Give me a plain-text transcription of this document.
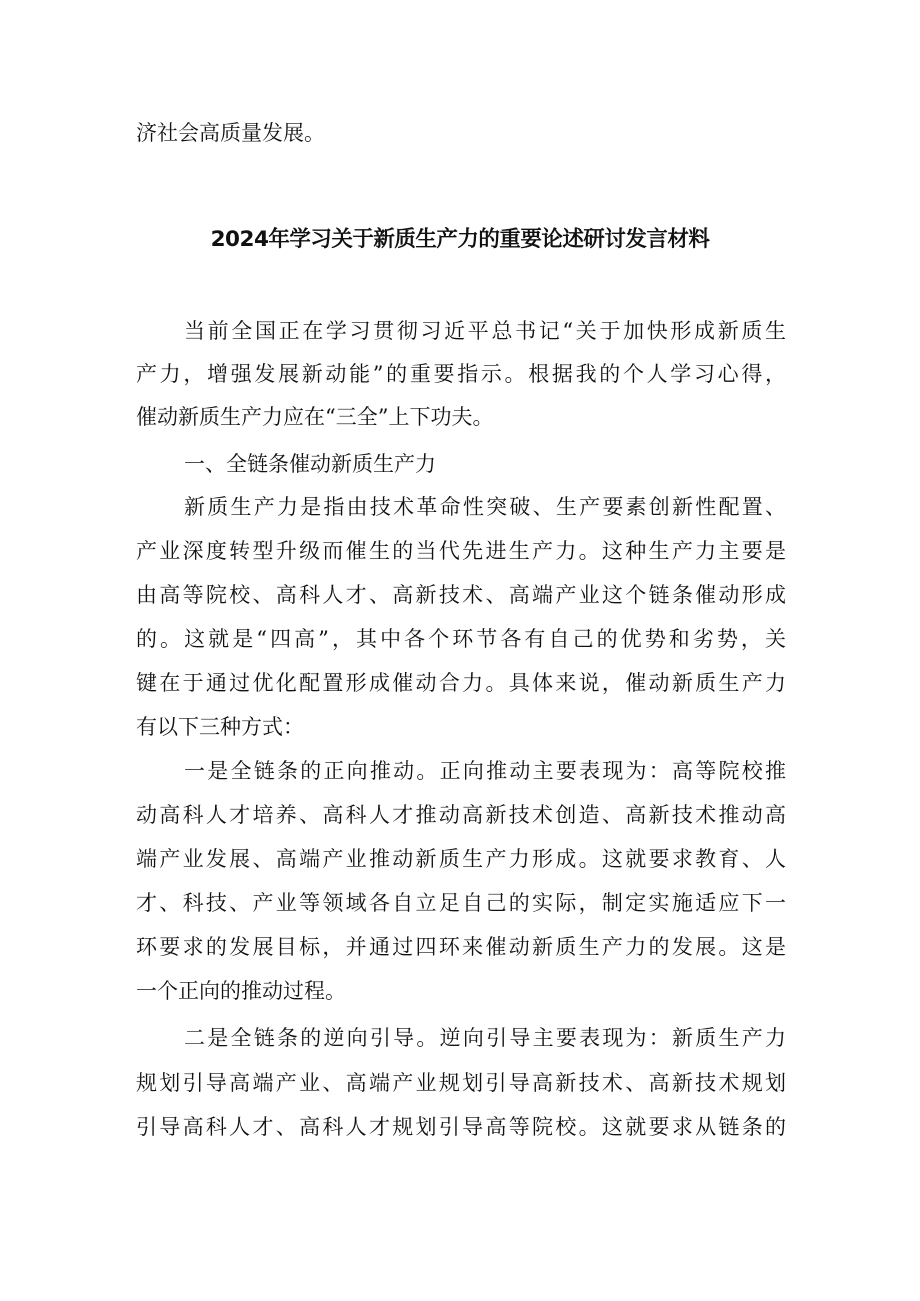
济社会高质量发展。
2024年学习关于新质生产力的重要论述研讨发言材料
当前全国正在学习贯彻习近平总书记“关于加快形成新质生
产力，增强发展新动能”的重要指示。根据我的个人学习心得，
催动新质生产力应在“三全”上下功夫。
一、全链条催动新质生产力
新质生产力是指由技术革命性突破、生产要素创新性配置、
产业深度转型升级而催生的当代先进生产力。这种生产力主要是
由高等院校、高科人才、高新技术、高端产业这个链条催动形成
的。这就是“四高”，其中各个环节各有自己的优势和劣势，关
键在于通过优化配置形成催动合力。具体来说，催动新质生产力
有以下三种方式：
一是全链条的正向推动。正向推动主要表现为：高等院校推
动高科人才培养、高科人才推动高新技术创造、高新技术推动高
端产业发展、高端产业推动新质生产力形成。这就要求教育、人
才、科技、产业等领域各自立足自己的实际，制定实施适应下一
环要求的发展目标，并通过四环来催动新质生产力的发展。这是
一个正向的推动过程。
二是全链条的逆向引导。逆向引导主要表现为：新质生产力
规划引导高端产业、高端产业规划引导高新技术、高新技术规划
引导高科人才、高科人才规划引导高等院校。这就要求从链条的
